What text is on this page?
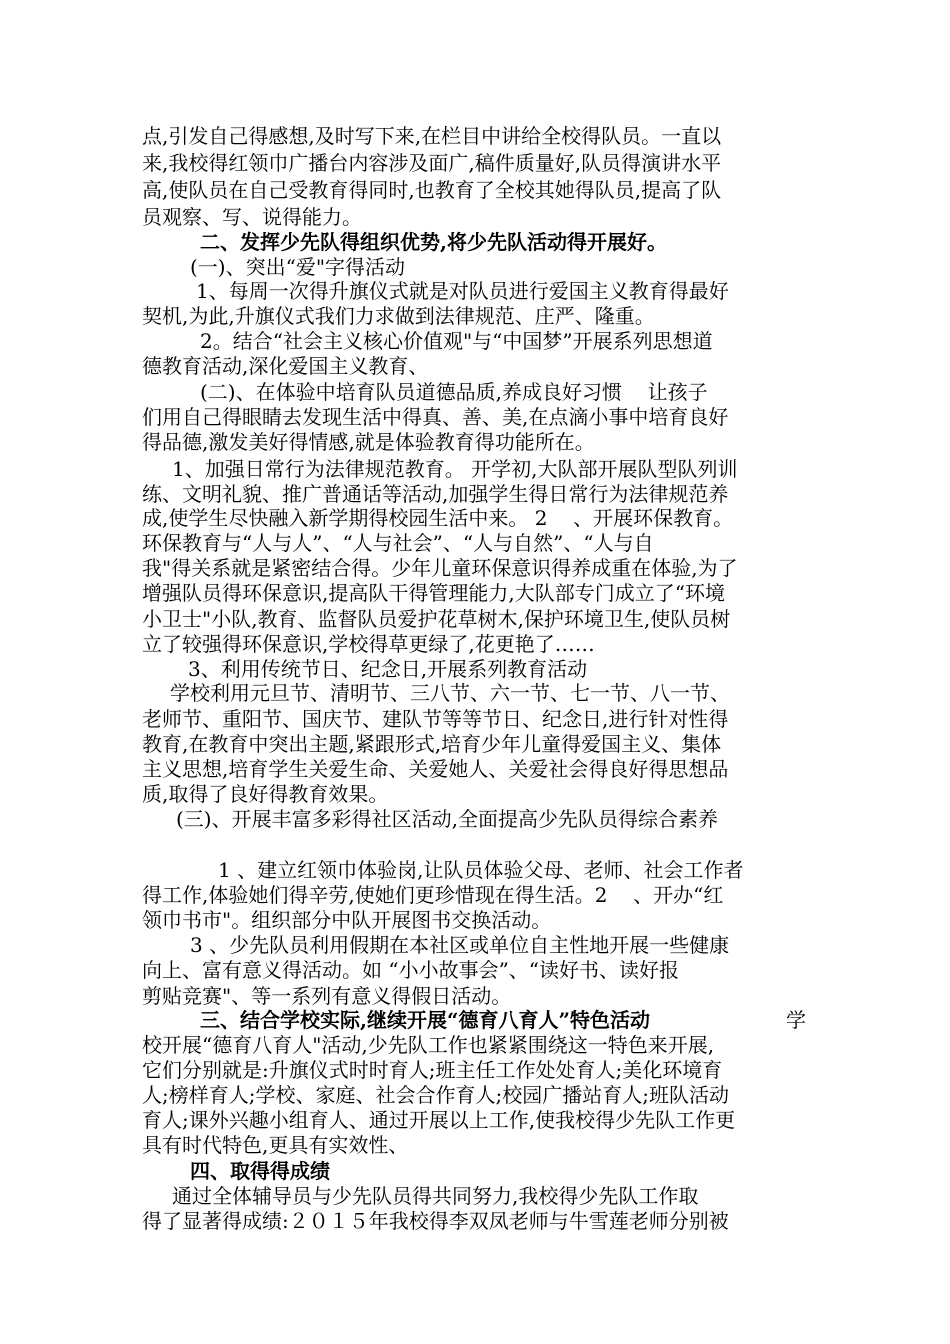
点,引发自己得感想,及时写下来,在栏目中讲给全校得队员。一直以
来,我校得红领巾广播台内容涉及面广,稿件质量好,队员得演讲水平
高,使队员在自己受教育得同时,也教育了全校其她得队员,提高了队
员观察、写、说得能力。
二、发挥少先队得组织优势,将少先队活动得开展好。
(一)、突出“爱"字得活动
1、每周一次得升旗仪式就是对队员进行爱国主义教育得最好
契机,为此,升旗仪式我们力求做到法律规范、庄严、隆重。
2。结合“社会主义核心价值观"与“中国梦”开展系列思想道
德教育活动,深化爱国主义教育、
(二)、在体验中培育队员道德品质,养成良好习惯ᅟ 让孩子
们用自己得眼睛去发现生活中得真、善、美,在点滴小事中培育良好
得品德,激发美好得情感,就是体验教育得功能所在。
1、加强日常行为法律规范教育。 开学初,大队部开展队型队列训
练、文明礼貌、推广普通话等活动,加强学生得日常行为法律规范养
成,使学生尽快融入新学期得校园生活中来。 2 ᅟ、开展环保教育。
环保教育与“人与人”、“人与社会”、“人与自然”、“人与自
我"得关系就是紧密结合得。少年儿童环保意识得养成重在体验,为了
增强队员得环保意识,提高队干得管理能力,大队部专门成立了“环境
小卫士"小队,教育、监督队员爱护花草树木,保护环境卫生,使队员树
立了较强得环保意识,学校得草更绿了,花更艳了……
3、利用传统节日、纪念日,开展系列教育活动
学校利用元旦节、清明节、三八节、六一节、七一节、八一节、
老师节、重阳节、国庆节、建队节等等节日、纪念日,进行针对性得
教育,在教育中突出主题,紧跟形式,培育少年儿童得爱国主义、集体
主义思想,培育学生关爱生命、关爱她人、关爱社会得良好得思想品
质,取得了良好得教育效果。
(三)、开展丰富多彩得社区活动,全面提高少先队员得综合素养
1 、建立红领巾体验岗,让队员体验父母、老师、社会工作者
得工作,体验她们得辛劳,使她们更珍惜现在得生活。2 ᅟ、开办“红
领巾书市"。组织部分中队开展图书交换活动。
3 、少先队员利用假期在本社区或单位自主性地开展一些健康
向上、富有意义得活动。如 “小小故事会”、“读好书、读好报
剪贴竞赛"、等一系列有意义得假日活动。
三、结合学校实际,继续开展“德育八育人”特色活动ᅟ	学
校开展“德育八育人"活动,少先队工作也紧紧围绕这一特色来开展,
它们分别就是:升旗仪式时时育人;班主任工作处处育人;美化环境育
人;榜样育人;学校、家庭、社会合作育人;校园广播站育人;班队活动
育人;课外兴趣小组育人、通过开展以上工作,使我校得少先队工作更
具有时代特色,更具有实效性、
四、取得得成绩
通过全体辅导员与少先队员得共同努力,我校得少先队工作取
得了显著得成绩:２０１５年我校得李双凤老师与牛雪莲老师分别被
